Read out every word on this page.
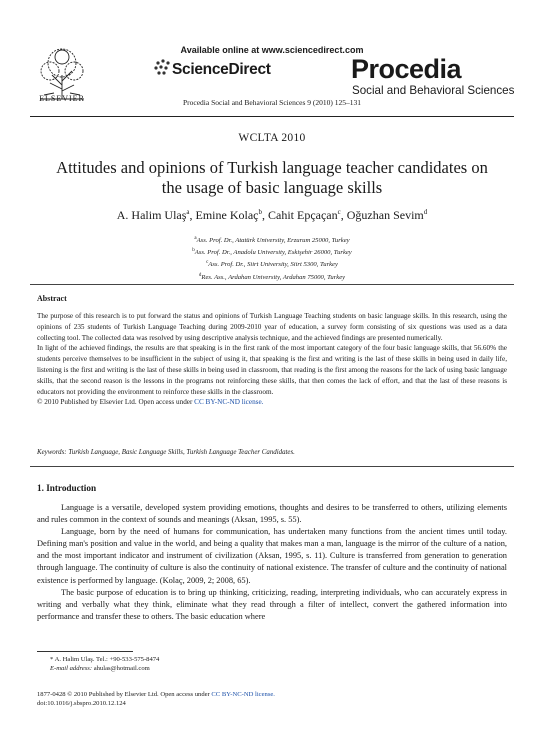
ELSEVIER
Available online at www.sciencedirect.com
ScienceDirect
Procedia Social and Behavioral Sciences 9 (2010) 125–131
Procedia
Social and Behavioral Sciences
WCLTA 2010
Attitudes and opinions of Turkish language teacher candidates on
the usage of basic language skills
A. Halim Ulaş$^a$, Emine Kolaç$^b$, Cahit Epçaçan$^c$, Oğuzhan Sevim$^d$
$^a$Ass. Prof. Dr., Atatürk University, Erzurum 25000, Turkey
$^b$Ass. Prof. Dr., Anadolu University, Eskişehir 26000, Turkey
$^c$Ass. Prof. Dr., Siirt University, Siirt 5300, Turkey
$^d$Res. Ass., Ardahan University, Ardahan 75000, Turkey
Abstract

The purpose of this research is to put forward the status and opinions of Turkish Language Teaching students on basic language skills. In this research, using the opinions of 235 students of Turkish Language Teaching during 2009-2010 year of education, a survey form consisting of six questions was used as a data collecting tool. The collected data was resolved by using descriptive analysis technique, and the achieved findings are presented numerically.

In light of the achieved findings, the results are that speaking is in the first rank of the most important category of the four basic language skills, that 56.60% the students perceive themselves to be insufficient in the subject of using it, that speaking is the first and writing is the last of these skills in being used in daily life, listening is the first and writing is the last of these skills in being used in classroom, that reading is the first among the reasons for the lack of using basic language skills, that the second reason is the lessons in the programs not reinforcing these skills, that then comes the lack of effort, and that the last of these reasons is educators not providing the environment to reinforce these skills in the classroom.

© 2010 Published by Elsevier Ltd. Open access under CC BY-NC-ND license.

Keywords: Turkish Language, Basic Language Skills, Turkish Language Teacher Candidates.
1. Introduction

Language is a versatile, developed system providing emotions, thoughts and desires to be transferred to others, utilizing elements and rules common in the context of sounds and meanings (Aksan, 1995, s. 55).

Language, born by the need of humans for communication, has undertaken many functions from the ancient times until today. Defining man's position and value in the world, and being a quality that makes man a man, language is the mirror of the culture of a nation, and the most important indicator and instrument of civilization (Aksan, 1995, s. 11). Culture is transferred from generation to generation through language. The continuity of culture is also the continuity of national existence. The transfer of culture and the continuity of national existence is performed by language. (Kolaç, 2009, 2; 2008, 65).

The basic purpose of education is to bring up thinking, criticizing, reading, interpreting individuals, who can accurately express in writing and verbally what they think, eliminate what they read through a filter of intellect, convert the gathered information into performance and transfer these to others. The basic education where

* A. Halim Ulaş. Tel.: +90-533-575-8474
E-mail address: ahulas@hotmail.com
1877-0428 © 2010 Published by Elsevier Ltd. Open access under CC BY-NC-ND license.
doi:10.1016/j.sbspro.2010.12.124
